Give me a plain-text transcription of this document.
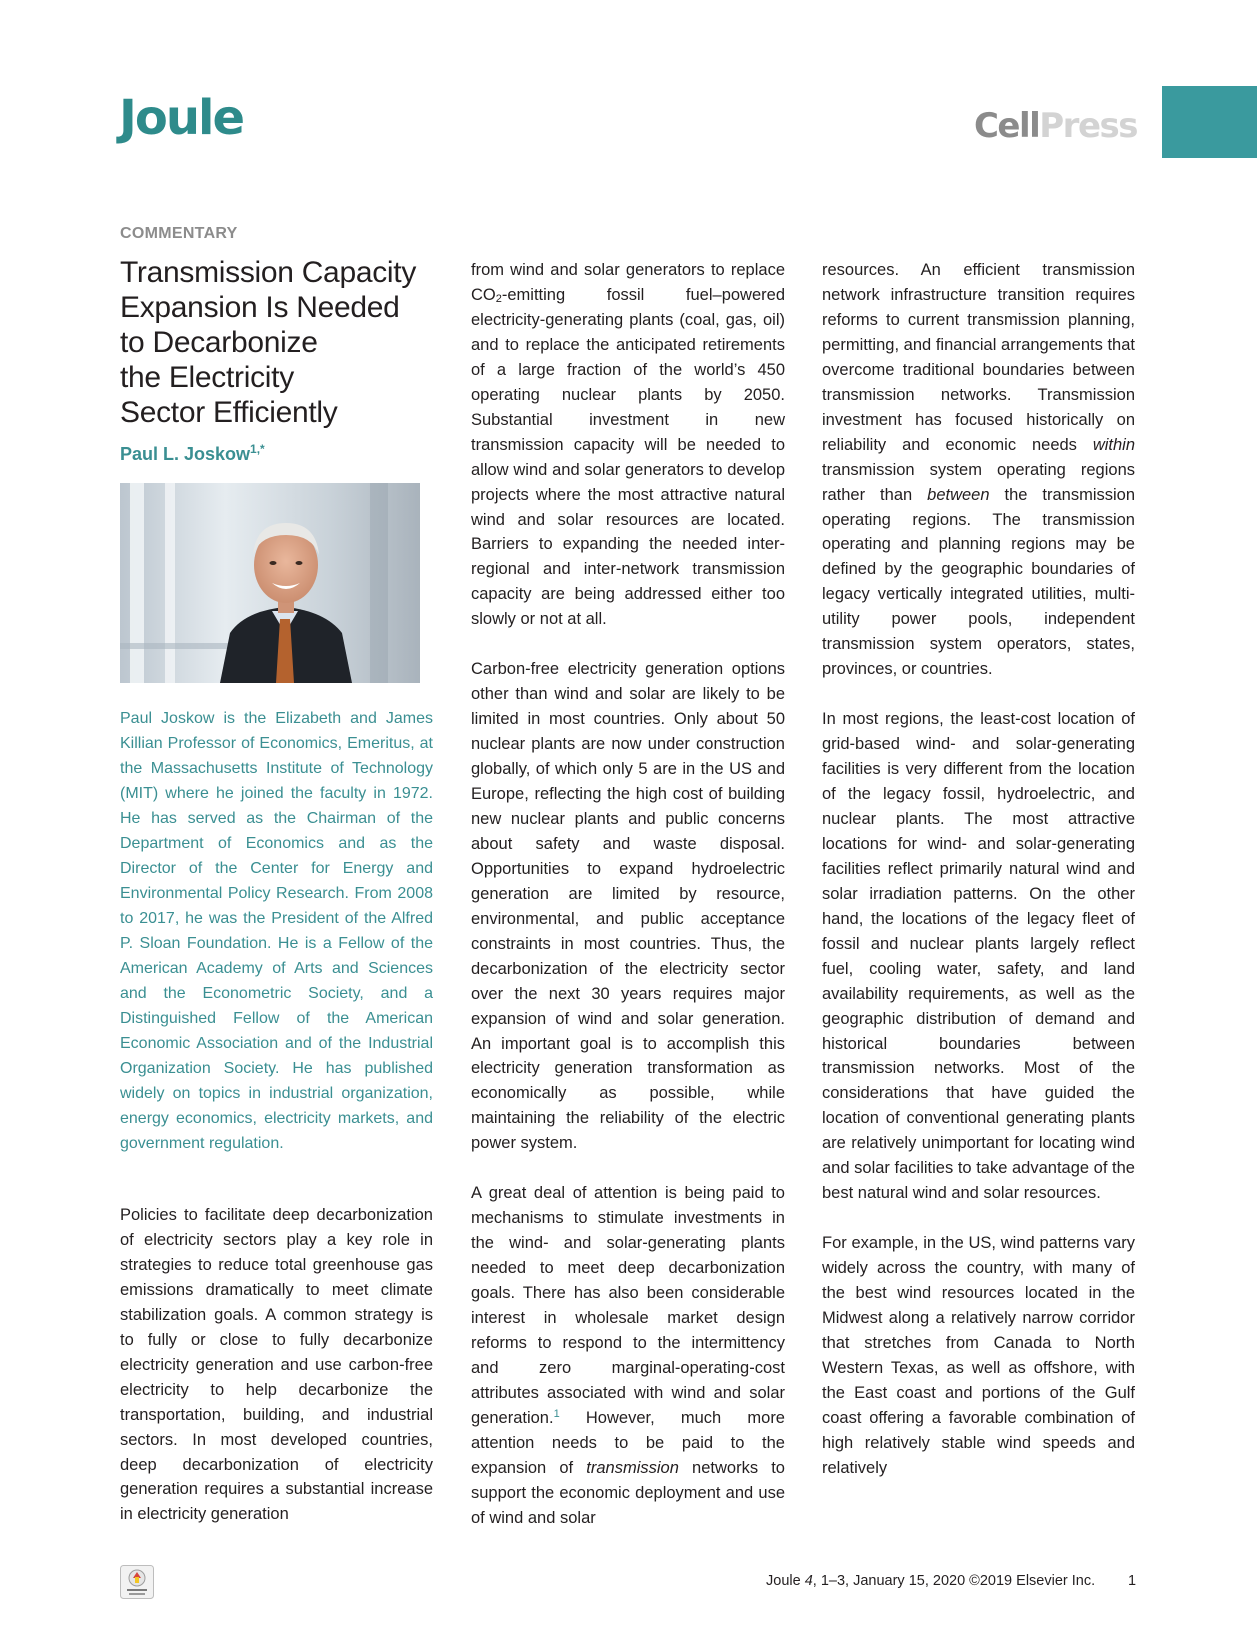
Joule	CellPress
COMMENTARY
Transmission Capacity
Expansion Is Needed
to Decarbonize
the Electricity
Sector Efficiently
Paul L. Joskow$^{1,*}$
Paul Joskow is the Elizabeth and James Killian Professor of Economics, Emeritus, at the Massachusetts Institute of Technology (MIT) where he joined the faculty in 1972. He has served as the Chairman of the Department of Economics and as the Director of the Center for Energy and Environmental Policy Research. From 2008 to 2017, he was the President of the Alfred P. Sloan Foundation. He is a Fellow of the American Academy of Arts and Sciences and the Econometric Society, and a Distinguished Fellow of the American Economic Association and of the Industrial Organization Society. He has published widely on topics in industrial organization, energy economics, electricity markets, and government regulation.

Policies to facilitate deep decarbonization of electricity sectors play a key role in strategies to reduce total greenhouse gas emissions dramatically to meet climate stabilization goals. A common strategy is to fully or close to fully decarbonize electricity generation and use carbon-free electricity to help decarbonize the transportation, building, and industrial sectors. In most developed countries, deep decarbonization of electricity generation requires a substantial increase in electricity generation

from wind and solar generators to replace $CO_2$-emitting fossil fuel–powered electricity-generating plants (coal, gas, oil) and to replace the anticipated retirements of a large fraction of the world’s 450 operating nuclear plants by 2050. Substantial investment in new transmission capacity will be needed to allow wind and solar generators to develop projects where the most attractive natural wind and solar resources are located. Barriers to expanding the needed inter-regional and inter-network transmission capacity are being addressed either too slowly or not at all.

Carbon-free electricity generation options other than wind and solar are likely to be limited in most countries. Only about 50 nuclear plants are now under construction globally, of which only 5 are in the US and Europe, reflecting the high cost of building new nuclear plants and public concerns about safety and waste disposal. Opportunities to expand hydroelectric generation are limited by resource, environmental, and public acceptance constraints in most countries. Thus, the decarbonization of the electricity sector over the next 30 years requires major expansion of wind and solar generation. An important goal is to accomplish this electricity generation transformation as economically as possible, while maintaining the reliability of the electric power system.

A great deal of attention is being paid to mechanisms to stimulate investments in the wind- and solar-generating plants needed to meet deep decarbonization goals. There has also been considerable interest in wholesale market design reforms to respond to the intermittency and zero marginal-operating-cost attributes associated with wind and solar generation.$^1$ However, much more attention needs to be paid to the expansion of transmission networks to support the economic deployment and use of wind and solar

resources. An efficient transmission network infrastructure transition requires reforms to current transmission planning, permitting, and financial arrangements that overcome traditional boundaries between transmission networks. Transmission investment has focused historically on reliability and economic needs within transmission system operating regions rather than between the transmission operating regions. The transmission operating and planning regions may be defined by the geographic boundaries of legacy vertically integrated utilities, multi-utility power pools, independent transmission system operators, states, provinces, or countries.

In most regions, the least-cost location of grid-based wind- and solar-generating facilities is very different from the location of the legacy fossil, hydroelectric, and nuclear plants. The most attractive locations for wind- and solar-generating facilities reflect primarily natural wind and solar irradiation patterns. On the other hand, the locations of the legacy fleet of fossil and nuclear plants largely reflect fuel, cooling water, safety, and land availability requirements, as well as the geographic distribution of demand and historical boundaries between transmission networks. Most of the considerations that have guided the location of conventional generating plants are relatively unimportant for locating wind and solar facilities to take advantage of the best natural wind and solar resources.

For example, in the US, wind patterns vary widely across the country, with many of the best wind resources located in the Midwest along a relatively narrow corridor that stretches from Canada to North Western Texas, as well as offshore, with the East coast and portions of the Gulf coast offering a favorable combination of high relatively stable wind speeds and relatively

Joule 4, 1–3, January 15, 2020 ©2019 Elsevier Inc. 1
